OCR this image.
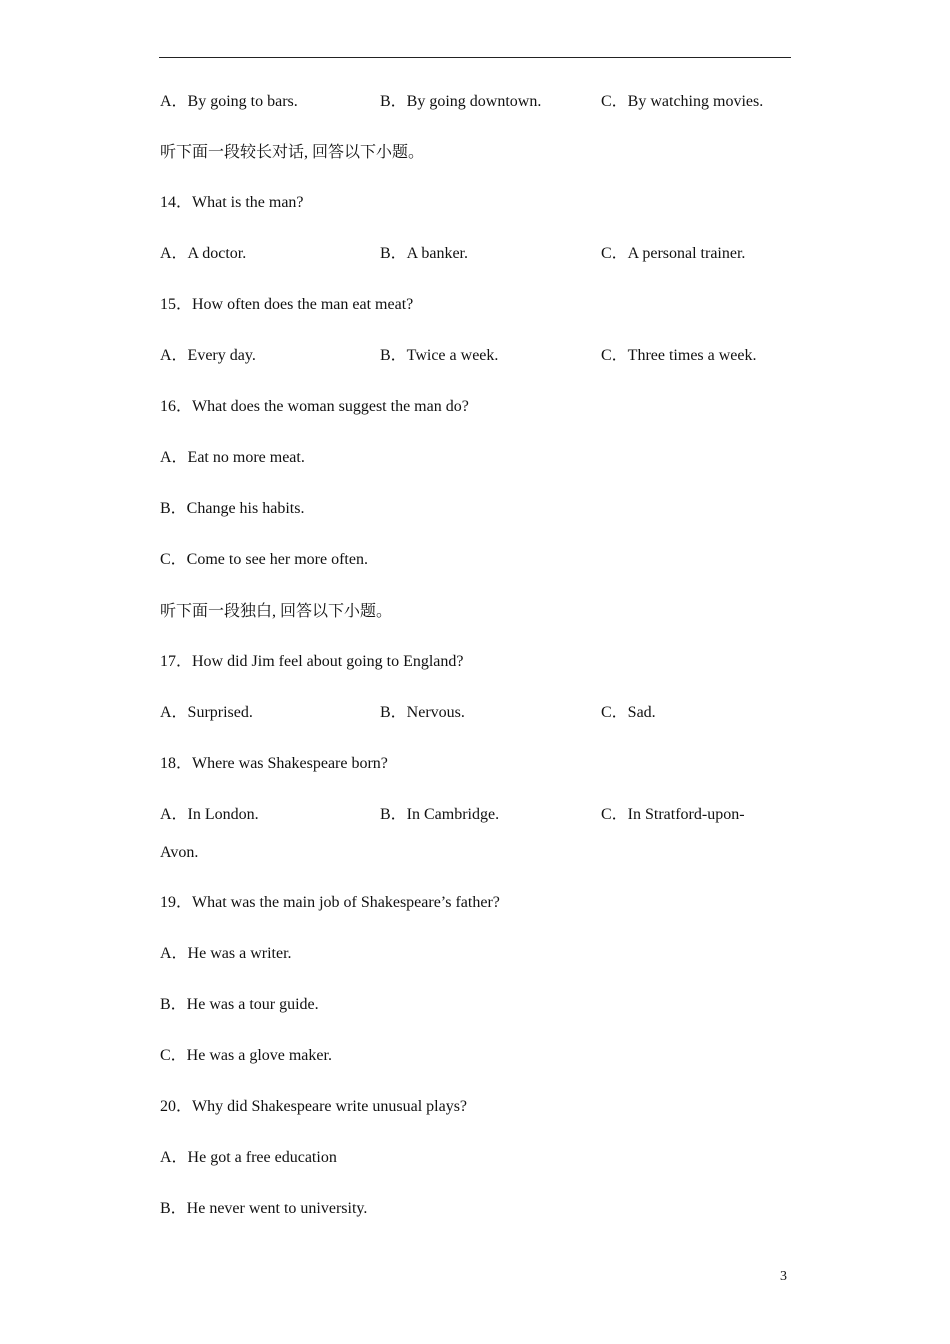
A．By going to bars.	B．By going downtown.	C．By watching movies.
听下面一段较长对话, 回答以下小题。
14．What is the man?
A．A doctor.	B．A banker.	C．A personal trainer.
15．How often does the man eat meat?
A．Every day.	B．Twice a week.	C．Three times a week.
16．What does the woman suggest the man do?
A．Eat no more meat.
B．Change his habits.
C．Come to see her more often.
听下面一段独白, 回答以下小题。
17．How did Jim feel about going to England?
A．Surprised.	B．Nervous.	C．Sad.
18．Where was Shakespeare born?
A．In London.	B．In Cambridge.	C．In Stratford-upon-
Avon.
19．What was the main job of Shakespeare’s father?
A．He was a writer.
B．He was a tour guide.
C．He was a glove maker.
20．Why did Shakespeare write unusual plays?
A．He got a free education
B．He never went to university.
3
